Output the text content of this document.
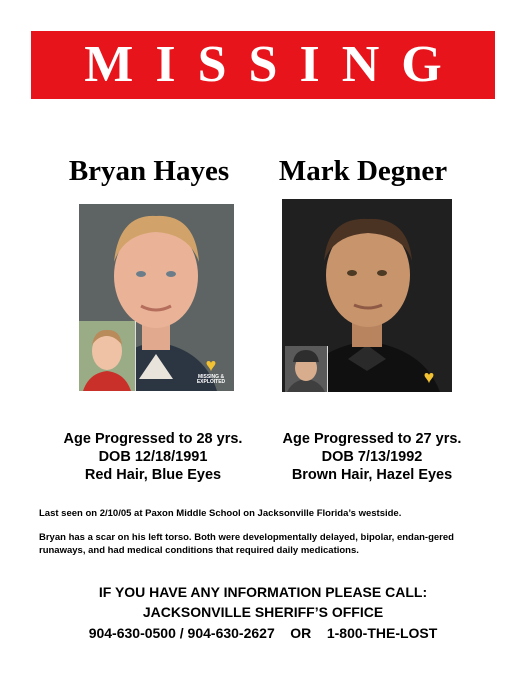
MISSING
Bryan Hayes	Mark Degner
♥
MISSING & EXPLOITED	♥
Age Progressed to 28 yrs.
DOB 12/18/1991
Red Hair, Blue Eyes
Age Progressed to 27 yrs.
DOB 7/13/1992
Brown Hair, Hazel Eyes
Last seen on 2/10/05 at Paxon Middle School on Jacksonville Florida’s westside.
Bryan has a scar on his left torso. Both were developmentally delayed, bipolar, endan-gered runaways, and had medical conditions that required daily medications.
IF YOU HAVE ANY INFORMATION PLEASE CALL:
JACKSONVILLE SHERIFF’S OFFICE
904-630-0500 / 904-630-2627    OR    1-800-THE-LOST
